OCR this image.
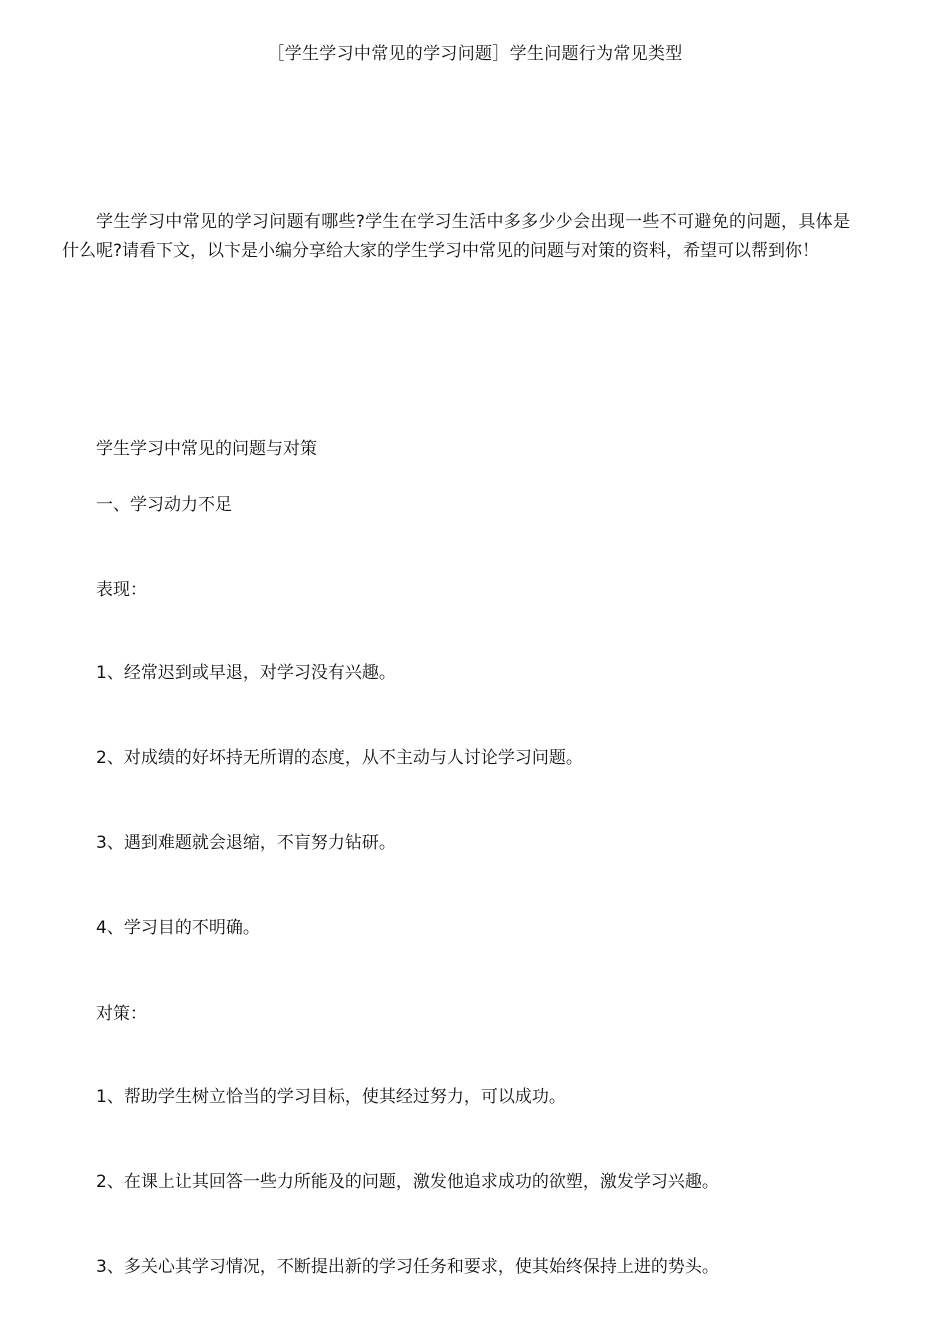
［学生学习中常见的学习问题］学生问题行为常见类型

学生学习中常见的学习问题有哪些?学生在学习生活中多多少少会出现一些不可避免的问题，具体是什么呢?请看下文，以卞是小编分享给大家的学生学习中常见的问题与对策的资料，希望可以帮到你！

学生学习中常见的问题与对策

一、学习动力不足

表现：

1、经常迟到或早退，对学习没有兴趣。

2、对成绩的好坏持无所谓的态度，从不主动与人讨论学习问题。

3、遇到难题就会退缩，不肓努力钻研。

4、学习目的不明确。

对策：

1、帮助学生树立恰当的学习目标，使其经过努力，可以成功。

2、在课上让其回答一些力所能及的问题，激发他追求成功的欲塑，激发学习兴趣。

3、多关心其学习情况，不断提出新的学习任务和要求，使其始终保持上进的势头。
